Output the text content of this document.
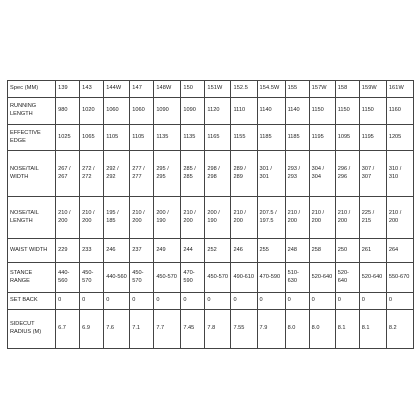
Spec (MM)	139	143	144W	147	148W	150	151W	152.5	154.5W	155	157W	158	159W	161W
RUNNING LENGTH	980	1020	1060	1060	1090	1090	1120	1110	1140	1140	1150	1150	1150	1160
EFFECTIVE EDGE	1025	1065	1105	1105	1135	1135	1165	1155	1185	1185	1195	1095	1195	1205
NOSE/TAIL WIDTH	267 / 267	272 / 272	292 / 292	277 / 277	295 / 295	285 / 285	298 / 298	289 / 289	301 / 301	293 / 293	304 / 304	296 / 296	307 / 307	310 / 310
NOSE/TAIL LENGTH	210 / 200	210 / 200	195 / 185	210 / 200	200 / 190	210 / 200	200 / 190	210 / 200	207.5 / 197.5	210 / 200	210 / 200	210 / 200	225 / 215	210 / 200
WAIST WIDTH	229	233	246	237	249	244	252	246	255	248	258	250	261	264
STANCE RANGE	440-560	450-570	440-560	450-570	450-570	470-590	450-570	490-610	470-590	510-630	520-640	520-640	520-640	550-670
SET BACK	0	0	0	0	0	0	0	0	0	0	0	0	0	0
SIDECUT RADIUS (M)	6.7	6.9	7.6	7.1	7.7	7.45	7.8	7.55	7.9	8.0	8.0	8.1	8.1	8.2
